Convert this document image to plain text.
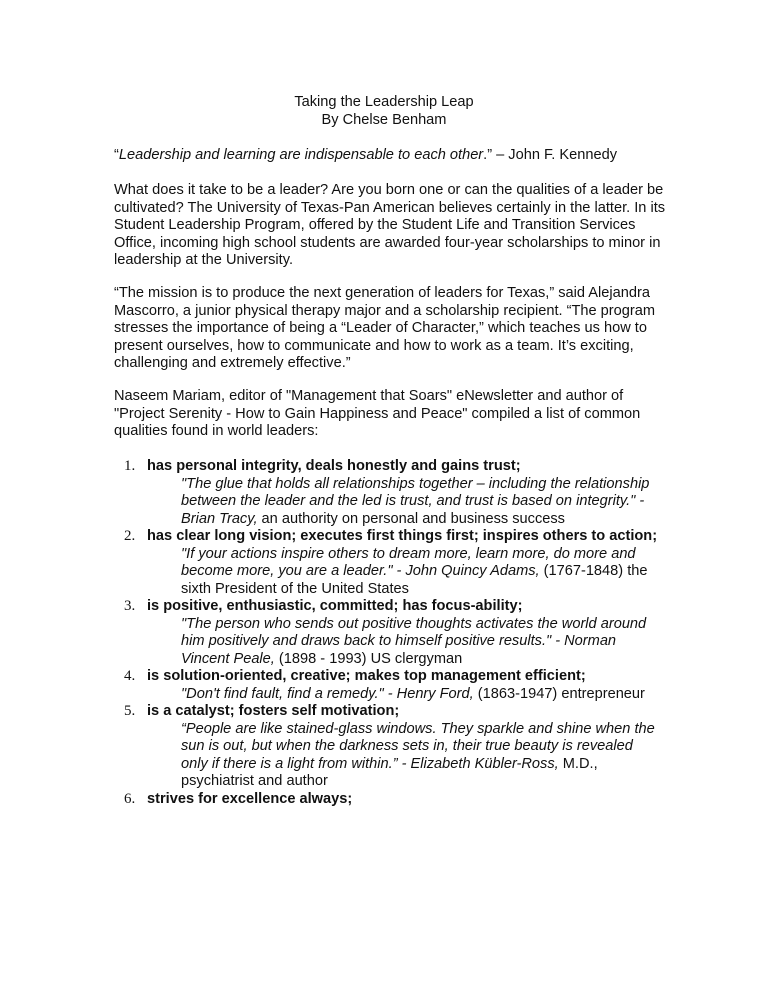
Taking the Leadership Leap
By Chelse Benham
“Leadership and learning are indispensable to each other.” – John F. Kennedy

What does it take to be a leader? Are you born one or can the qualities of a leader be cultivated? The University of Texas-Pan American believes certainly in the latter. In its Student Leadership Program, offered by the Student Life and Transition Services Office, incoming high school students are awarded four-year scholarships to minor in leadership at the University.

“The mission is to produce the next generation of leaders for Texas,” said Alejandra Mascorro, a junior physical therapy major and a scholarship recipient. “The program stresses the importance of being a “Leader of Character,” which teaches us how to present ourselves, how to communicate and how to work as a team. It’s exciting, challenging and extremely effective.”

Naseem Mariam, editor of "Management that Soars" eNewsletter and author of "Project Serenity - How to Gain Happiness and Peace" compiled a list of common qualities found in world leaders:

1. has personal integrity, deals honestly and gains trust;
"The glue that holds all relationships together – including the relationship between the leader and the led is trust, and trust is based on integrity." - Brian Tracy, an authority on personal and business success
2. has clear long vision; executes first things first; inspires others to action;
"If your actions inspire others to dream more, learn more, do more and become more, you are a leader." - John Quincy Adams, (1767-1848) the sixth President of the United States
3. is positive, enthusiastic, committed; has focus-ability;
"The person who sends out positive thoughts activates the world around him positively and draws back to himself positive results." - Norman Vincent Peale, (1898 - 1993) US clergyman
4. is solution-oriented, creative; makes top management efficient;
"Don't find fault, find a remedy." - Henry Ford, (1863-1947) entrepreneur
5. is a catalyst; fosters self motivation;
“People are like stained-glass windows. They sparkle and shine when the sun is out, but when the darkness sets in, their true beauty is revealed only if there is a light from within.” - Elizabeth Kübler-Ross, M.D., psychiatrist and author
6. strives for excellence always;
